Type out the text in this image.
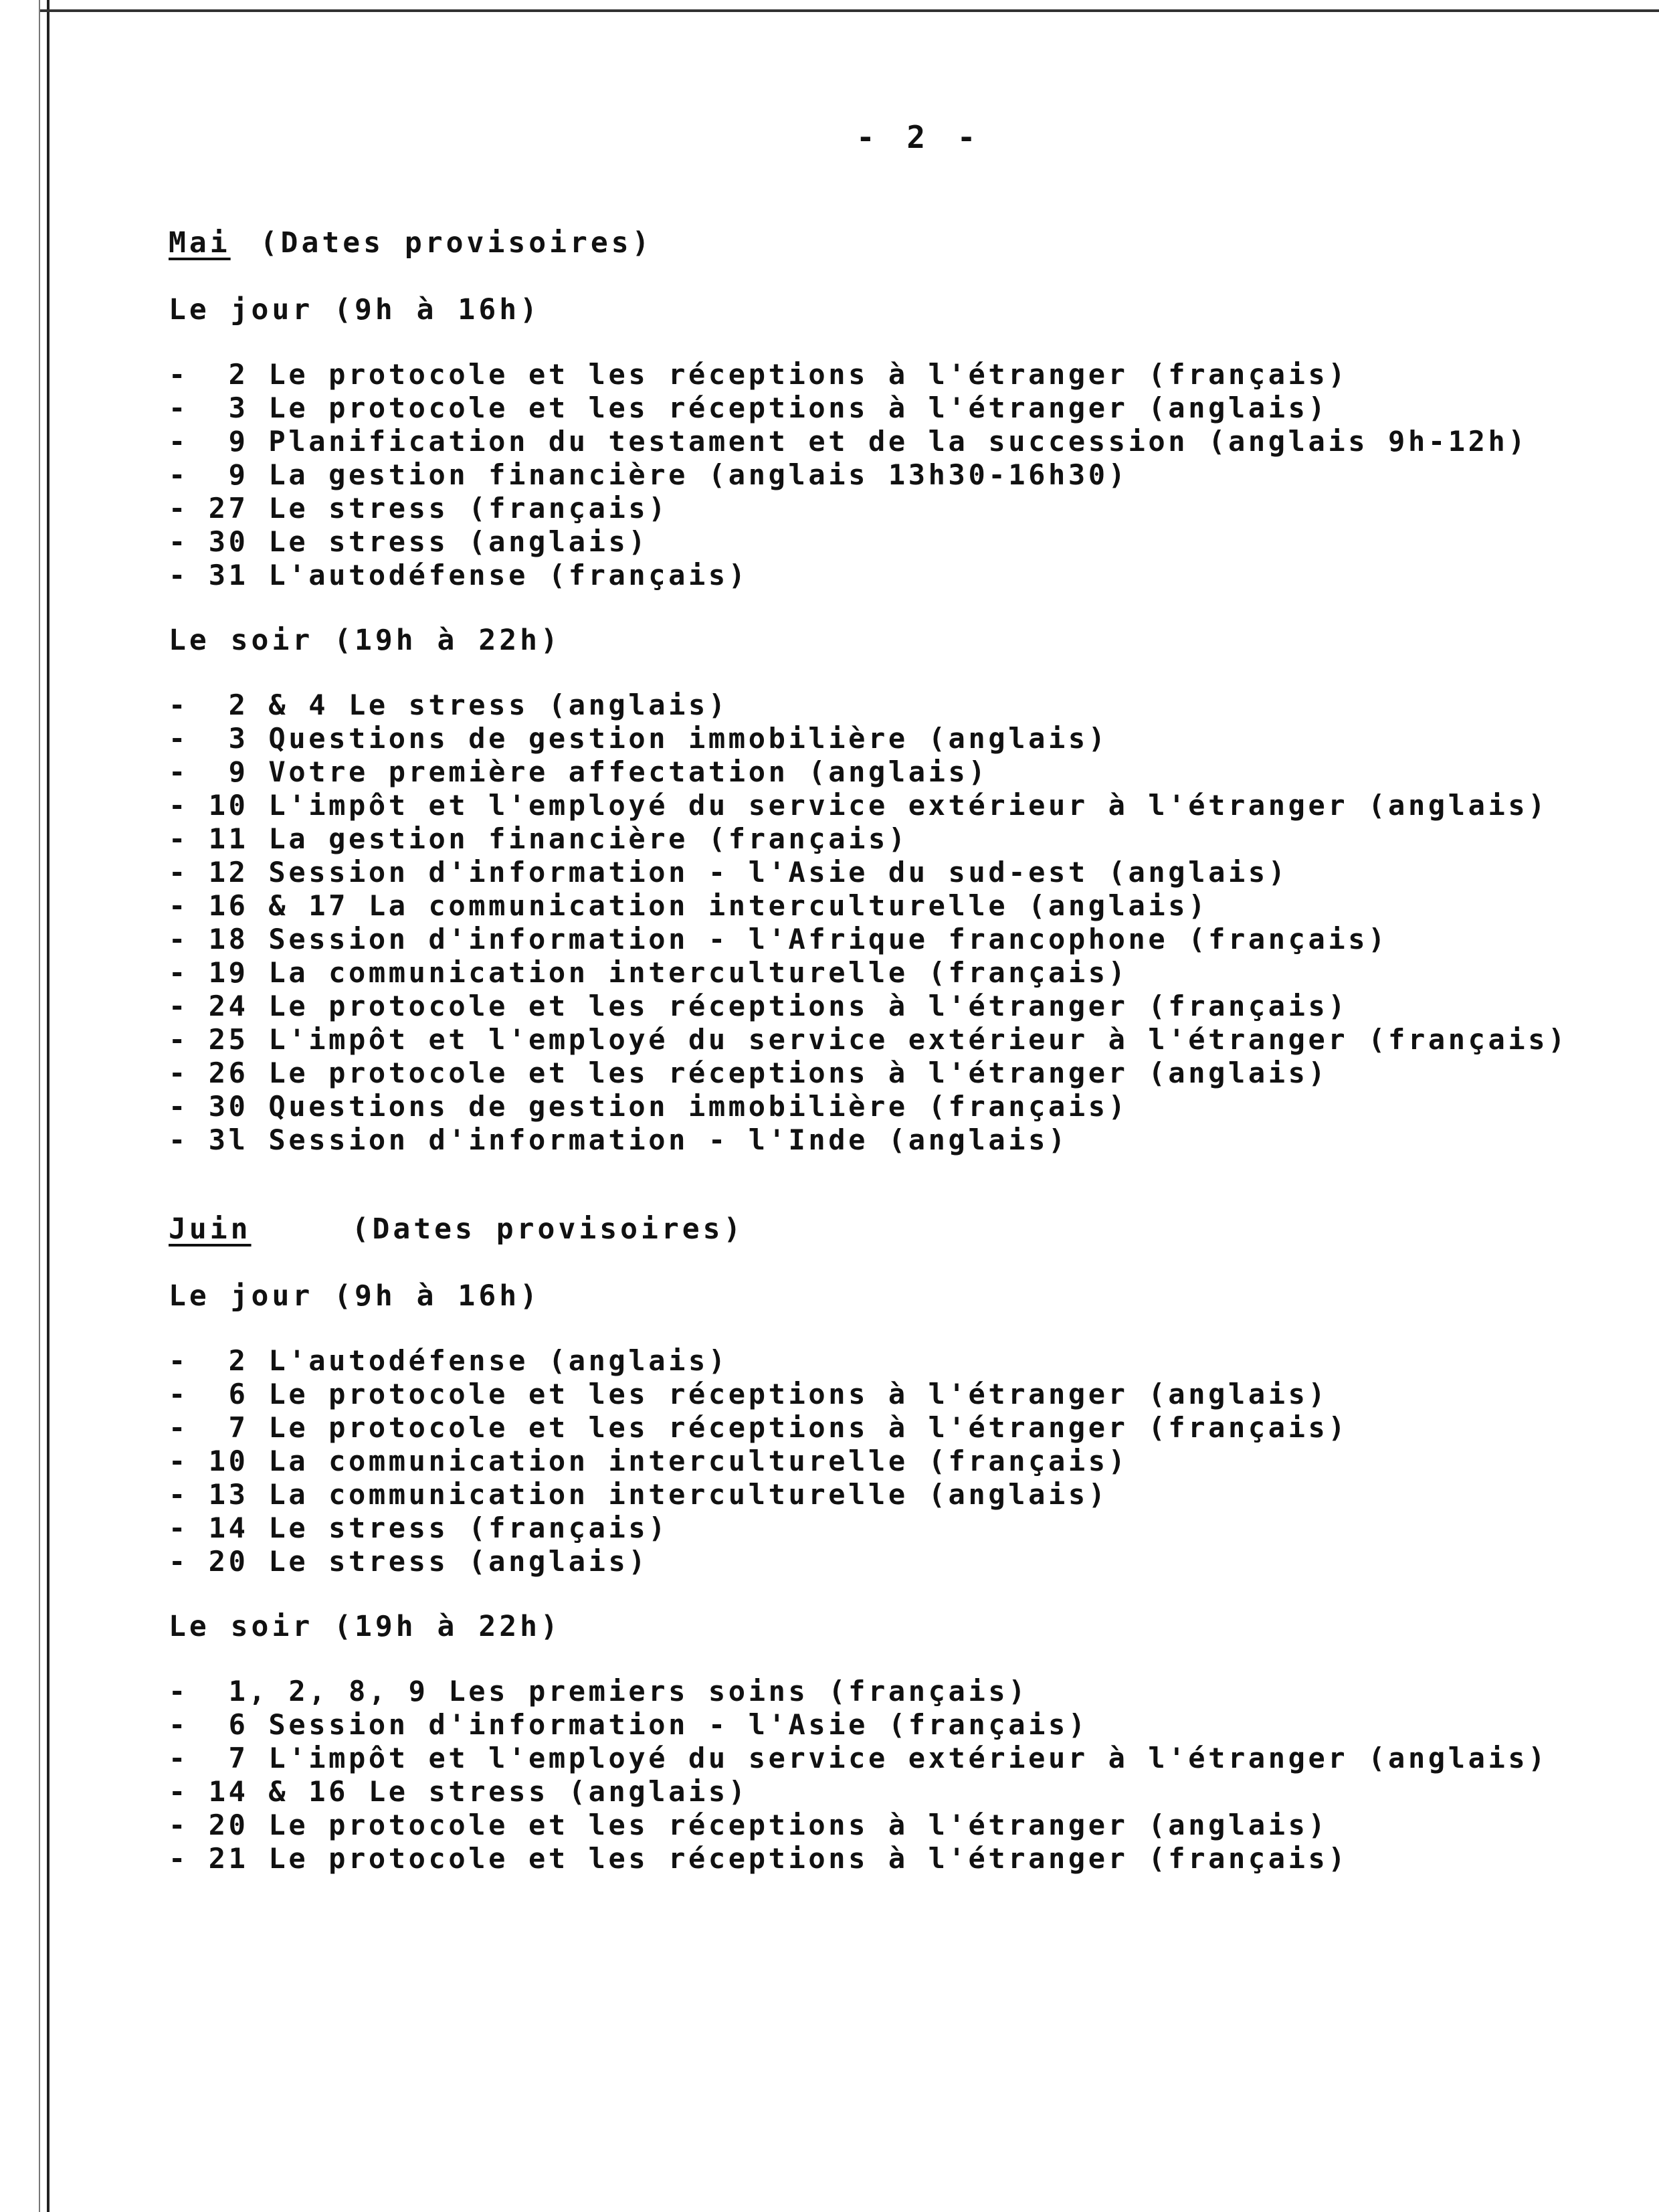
- 2 -
Mai (Dates provisoires)
Le jour (9h à 16h)
-  2 Le protocole et les réceptions à l'étranger (français)
-  3 Le protocole et les réceptions à l'étranger (anglais)
-  9 Planification du testament et de la succession (anglais 9h-12h)
-  9 La gestion financière (anglais 13h30-16h30)
- 27 Le stress (français)
- 30 Le stress (anglais)
- 31 L'autodéfense (français)
Le soir (19h à 22h)
-  2 & 4 Le stress (anglais)
-  3 Questions de gestion immobilière (anglais)
-  9 Votre première affectation (anglais)
- 10 L'impôt et l'employé du service extérieur à l'étranger (anglais)
- 11 La gestion financière (français)
- 12 Session d'information - l'Asie du sud-est (anglais)
- 16 & 17 La communication interculturelle (anglais)
- 18 Session d'information - l'Afrique francophone (français)
- 19 La communication interculturelle (français)
- 24 Le protocole et les réceptions à l'étranger (français)
- 25 L'impôt et l'employé du service extérieur à l'étranger (français)
- 26 Le protocole et les réceptions à l'étranger (anglais)
- 30 Questions de gestion immobilière (français)
- 3l Session d'information - l'Inde (anglais)
Juin	(Dates provisoires)
Le jour (9h à 16h)
-  2 L'autodéfense (anglais)
-  6 Le protocole et les réceptions à l'étranger (anglais)
-  7 Le protocole et les réceptions à l'étranger (français)
- 10 La communication interculturelle (français)
- 13 La communication interculturelle (anglais)
- 14 Le stress (français)
- 20 Le stress (anglais)
Le soir (19h à 22h)
-  1, 2, 8, 9 Les premiers soins (français)
-  6 Session d'information - l'Asie (français)
-  7 L'impôt et l'employé du service extérieur à l'étranger (anglais)
- 14 & 16 Le stress (anglais)
- 20 Le protocole et les réceptions à l'étranger (anglais)
- 21 Le protocole et les réceptions à l'étranger (français)
